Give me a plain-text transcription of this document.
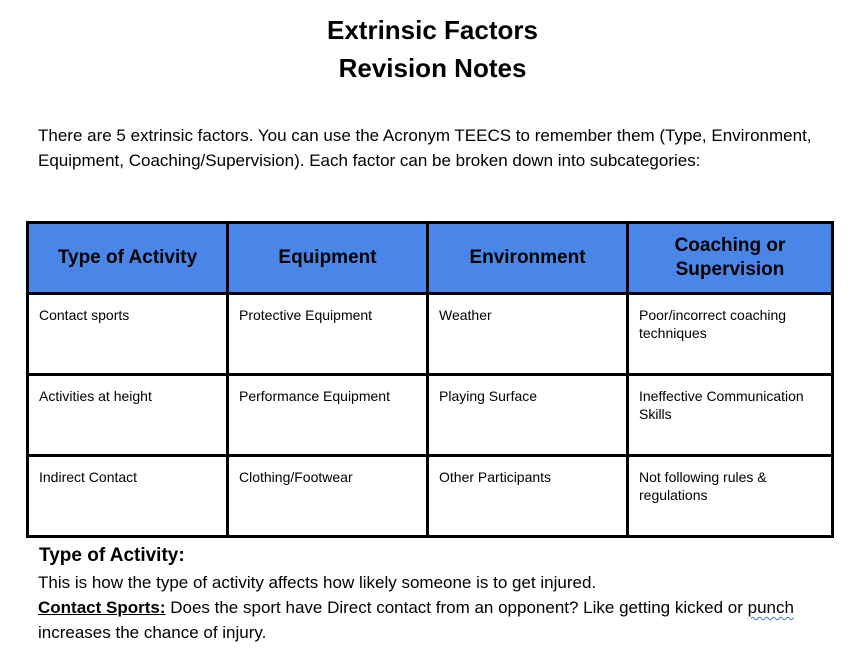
Extrinsic Factors
Revision Notes
There are 5 extrinsic factors. You can use the Acronym TEECS to remember them (Type, Environment, Equipment, Coaching/Supervision). Each factor can be broken down into subcategories:
Type of Activity	Equipment	Environment	Coaching or Supervision
Contact sports	Protective Equipment	Weather	Poor/incorrect coaching techniques
Activities at height	Performance Equipment	Playing Surface	Ineffective Communication Skills
Indirect Contact	Clothing/Footwear	Other Participants	Not following rules & regulations
Type of Activity:
This is how the type of activity affects how likely someone is to get injured.
Contact Sports: Does the sport have Direct contact from an opponent? Like getting kicked or punch increases the chance of injury.
